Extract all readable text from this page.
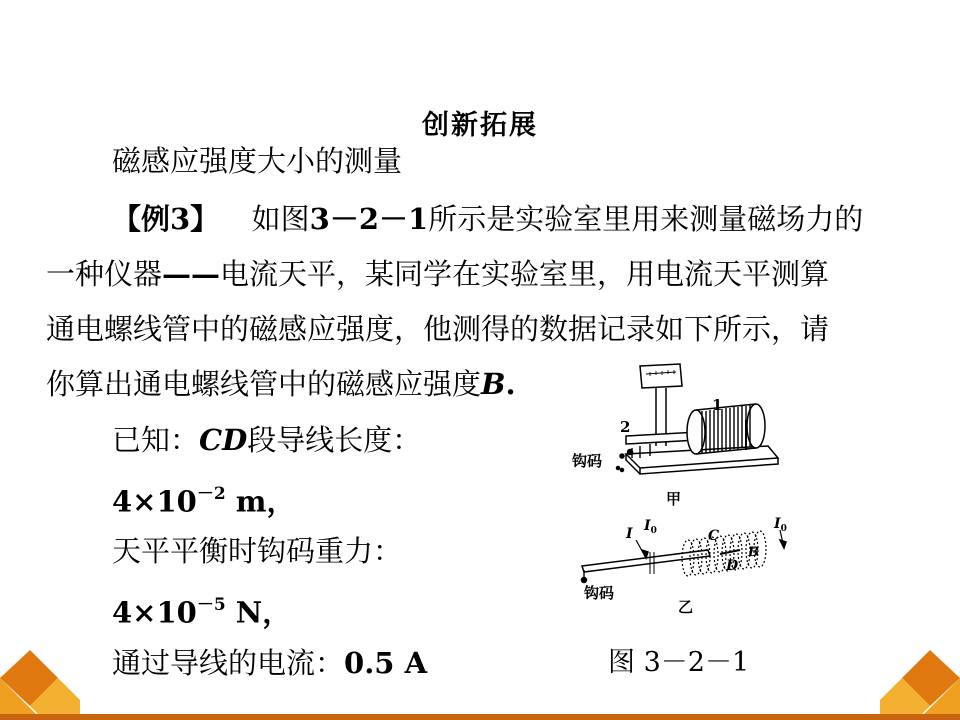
创新拓展
磁感应强度大小的测量
【例3】 如图3－2－1所示是实验室里用来测量磁场力的
一种仪器——电流天平，某同学在实验室里，用电流天平测算
通电螺线管中的磁感应强度，他测得的数据记录如下所示，请
你算出通电螺线管中的磁感应强度B.
已知：CD段导线长度：
$4\times 10^{-2}$ m，
天平平衡时钩码重力：
$4\times 10^{-5}$ N，
通过导线的电流：0.5 A
1
2
钩码
甲
I $I_0$	C
B
D
$I_0$
钩码
乙
图 3－2－1
